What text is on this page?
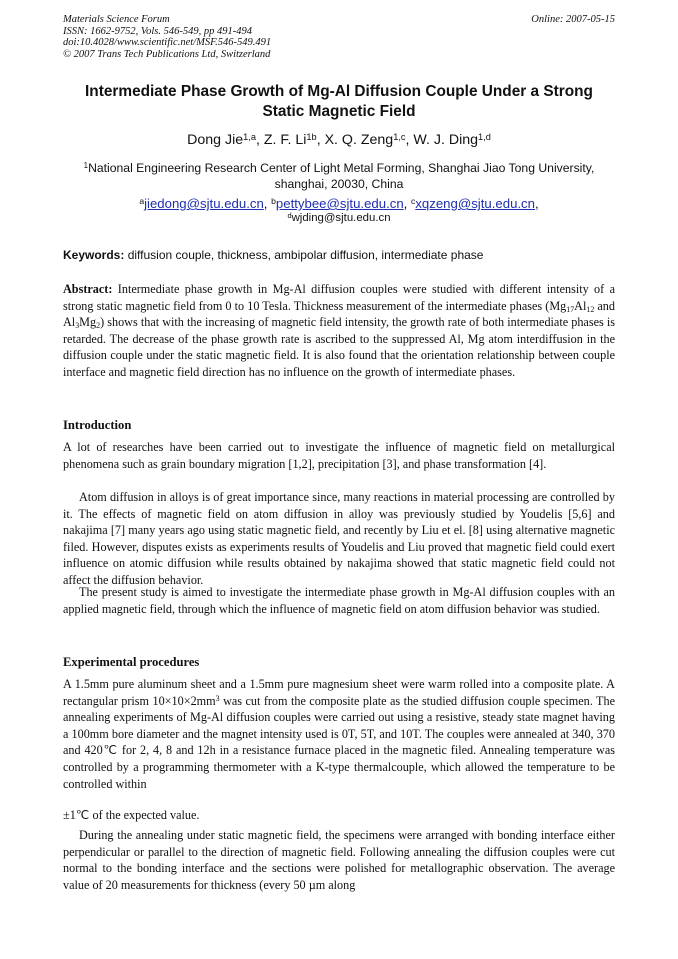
Materials Science Forum
ISSN: 1662-9752, Vols. 546-549, pp 491-494
doi:10.4028/www.scientific.net/MSF.546-549.491
© 2007 Trans Tech Publications Ltd, Switzerland
Online: 2007-05-15
Intermediate Phase Growth of Mg-Al Diffusion Couple Under a Strong Static Magnetic Field
Dong Jie$^{1,a}$, Z. F. $Li^{1b}$, X. Q. Zeng$^{1,c}$, W. J. Ding$^{1,d}$
$^1$National Engineering Research Center of Light Metal Forming, Shanghai Jiao Tong University, shanghai, 20030, China
$^a$jiedong@sjtu.edu.cn, $^b$pettybee@sjtu.edu.cn, $^c$xqzeng@sjtu.edu.cn,
$^d$wjding@sjtu.edu.cn
Keywords: diffusion couple, thickness, ambipolar diffusion, intermediate phase
Abstract: Intermediate phase growth in Mg-Al diffusion couples were studied with different intensity of a strong static magnetic field from 0 to 10 Tesla. Thickness measurement of the intermediate phases ($Mg_{17}Al_{12}$ and $Al_3Mg_2$) shows that with the increasing of magnetic field intensity, the growth rate of both intermediate phases is retarded. The decrease of the phase growth rate is ascribed to the suppressed Al, Mg atom interdiffusion in the diffusion couple under the static magnetic field. It is also found that the orientation relationship between couple interface and magnetic field direction has no influence on the growth of intermediate phases.
Introduction
A lot of researches have been carried out to investigate the influence of magnetic field on metallurgical phenomena such as grain boundary migration [1,2], precipitation [3], and phase transformation [4].
Atom diffusion in alloys is of great importance since, many reactions in material processing are controlled by it. The effects of magnetic field on atom diffusion in alloy was previously studied by Youdelis [5,6] and nakajima [7] many years ago using static magnetic field, and recently by Liu et el. [8] using alternative magnetic filed. However, disputes exists as experiments results of Youdelis and Liu proved that magnetic field could exert influence on atomic diffusion while results obtained by nakajima showed that static magnetic field could not affect the diffusion behavior.
The present study is aimed to investigate the intermediate phase growth in Mg-Al diffusion couples with an applied magnetic field, through which the influence of magnetic field on atom diffusion behavior was studied.
Experimental procedures
A 1.5mm pure aluminum sheet and a 1.5mm pure magnesium sheet were warm rolled into a composite plate. A rectangular prism $10\times 10\times 2mm^3$ was cut from the composite plate as the studied diffusion couple specimen. The annealing experiments of Mg-Al diffusion couples were carried out using a resistive, steady state magnet having a 100mm bore diameter and the magnet intensity used is 0T, 5T, and 10T. The couples were annealed at 340, 370 and 420℃ for 2, 4, 8 and 12h in a resistance furnace placed in the magnetic filed. Annealing temperature was controlled by a programming thermometer with a K-type thermalcouple, which allowed the temperature to be controlled within
±1℃ of the expected value.
During the annealing under static magnetic field, the specimens were arranged with bonding interface either perpendicular or parallel to the direction of magnetic field. Following annealing the diffusion couples were cut normal to the bonding interface and the sections were polished for metallographic observation. The average value of 20 measurements for thickness (every 50 µm along
